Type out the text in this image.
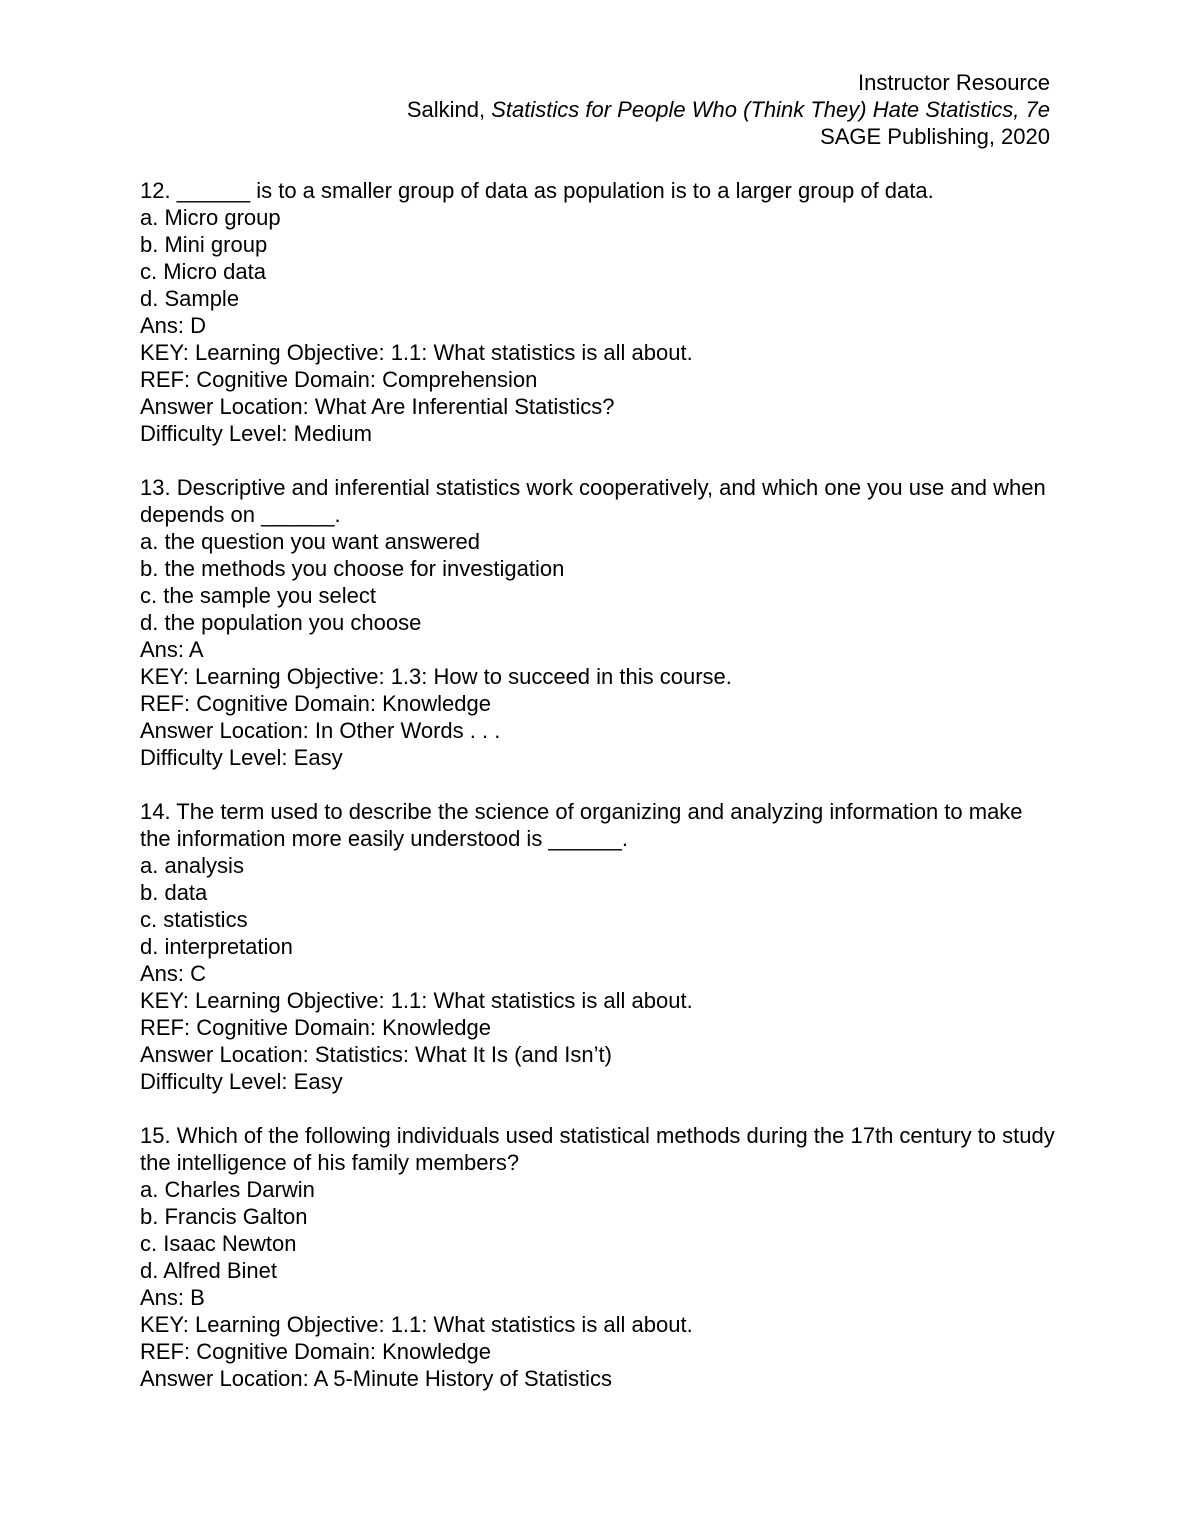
Instructor Resource
Salkind, Statistics for People Who (Think They) Hate Statistics, 7e
SAGE Publishing, 2020
12. ______ is to a smaller group of data as population is to a larger group of data.
a. Micro group
b. Mini group
c. Micro data
d. Sample
Ans: D
KEY: Learning Objective: 1.1: What statistics is all about.
REF: Cognitive Domain: Comprehension
Answer Location: What Are Inferential Statistics?
Difficulty Level: Medium
13. Descriptive and inferential statistics work cooperatively, and which one you use and when depends on ______.
a. the question you want answered
b. the methods you choose for investigation
c. the sample you select
d. the population you choose
Ans: A
KEY: Learning Objective: 1.3: How to succeed in this course.
REF: Cognitive Domain: Knowledge
Answer Location: In Other Words . . .
Difficulty Level: Easy
14. The term used to describe the science of organizing and analyzing information to make the information more easily understood is ______.
a. analysis
b. data
c. statistics
d. interpretation
Ans: C
KEY: Learning Objective: 1.1: What statistics is all about.
REF: Cognitive Domain: Knowledge
Answer Location: Statistics: What It Is (and Isn’t)
Difficulty Level: Easy
15. Which of the following individuals used statistical methods during the 17th century to study the intelligence of his family members?
a. Charles Darwin
b. Francis Galton
c. Isaac Newton
d. Alfred Binet
Ans: B
KEY: Learning Objective: 1.1: What statistics is all about.
REF: Cognitive Domain: Knowledge
Answer Location: A 5-Minute History of Statistics
